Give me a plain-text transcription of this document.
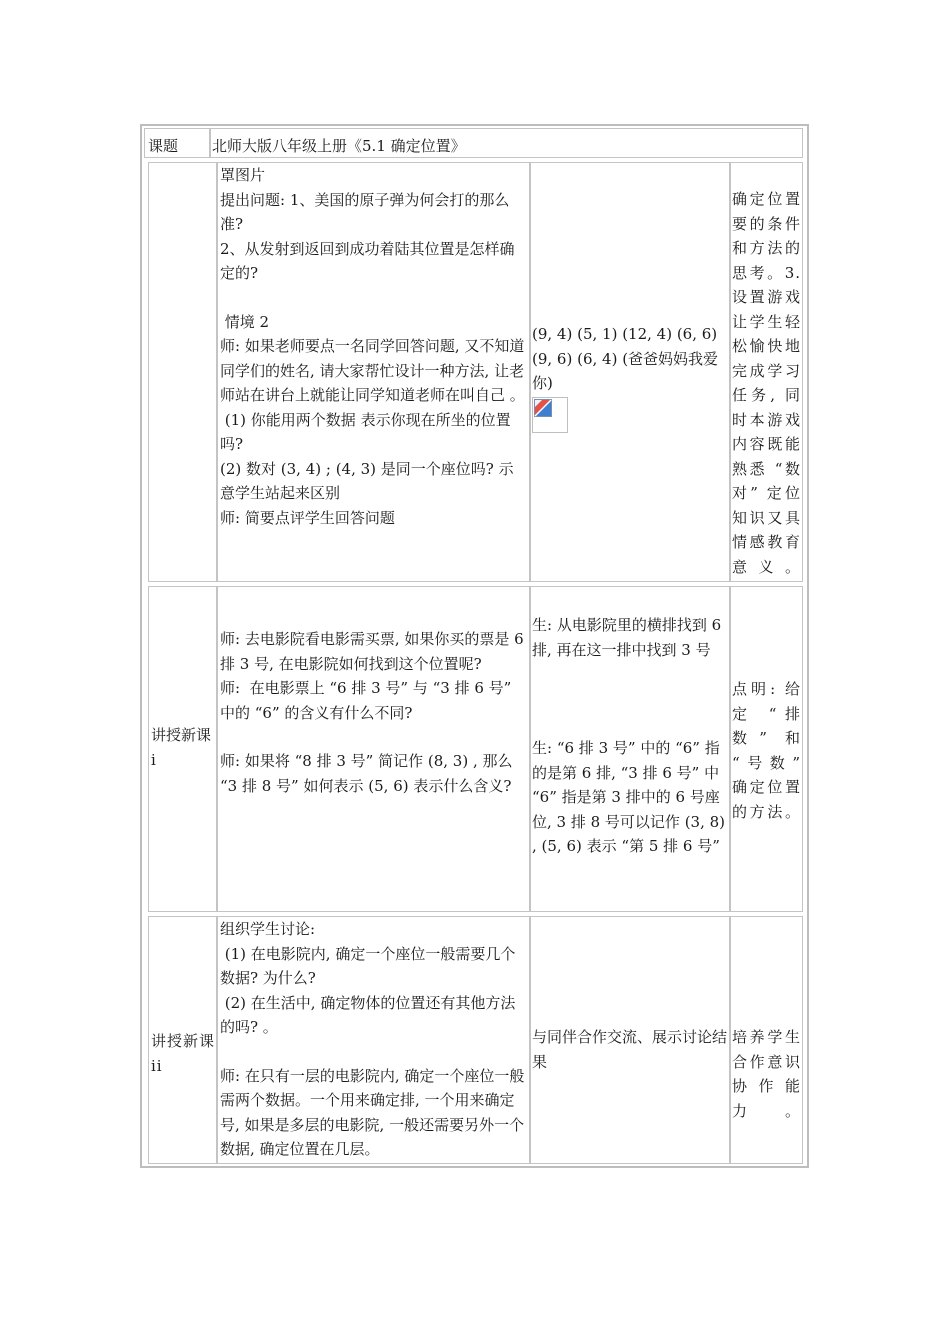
课题	北师大版八年级上册《5.1 确定位置》

罩图片

提出问题: 1、美国的原子弹为何会打的那么准?

2、从发射到返回到成功着陆其位置是怎样确定的?

情境 2

师: 如果老师要点一名同学回答问题, 又不知道同学们的姓名, 请大家帮忙设计一种方法, 让老师站在讲台上就能让同学知道老师在叫自己 。

(1) 你能用两个数据 表示你现在所坐的位置吗?

(2) 数对 (3, 4) ; (4, 3) 是同一个座位吗? 示意学生站起来区别

师: 简要点评学生回答问题

(9, 4) (5, 1) (12, 4) (6, 6) (9, 6) (6, 4) (爸爸妈妈我爱你)

确定位置要的条件和方法的思考。3.设置游戏让学生轻松愉快地完成学习任务, 同时本游戏内容既能熟悉 “数对” 定位知识又具情感教育意义。

讲授新课 i

师: 去电影院看电影需买票, 如果你买的票是 6 排 3 号, 在电影院如何找到这个位置呢?

师:  在电影票上 “6 排 3 号” 与 “3 排 6 号” 中的 “6” 的含义有什么不同?

师: 如果将 “8 排 3 号” 简记作 (8, 3) , 那么 “3 排 8 号” 如何表示 (5, 6) 表示什么含义?

生: 从电影院里的横排找到 6 排, 再在这一排中找到 3 号

生: “6 排 3 号” 中的 “6” 指的是第 6 排, “3 排 6 号” 中 “6” 指是第 3 排中的 6 号座位, 3 排 8 号可以记作 (3, 8) , (5, 6) 表示 “第 5 排 6 号”

点明: 给定 “排数” 和 “号数” 确定位置的方法。

讲授新课 ii

组织学生讨论:

(1) 在电影院内, 确定一个座位一般需要几个数据? 为什么?

(2) 在生活中, 确定物体的位置还有其他方法的吗? 。

师: 在只有一层的电影院内, 确定一个座位一般需两个数据。一个用来确定排, 一个用来确定号, 如果是多层的电影院, 一般还需要另外一个数据, 确定位置在几层。

与同伴合作交流、展示讨论结果

培养学生合作意识协作能力。
